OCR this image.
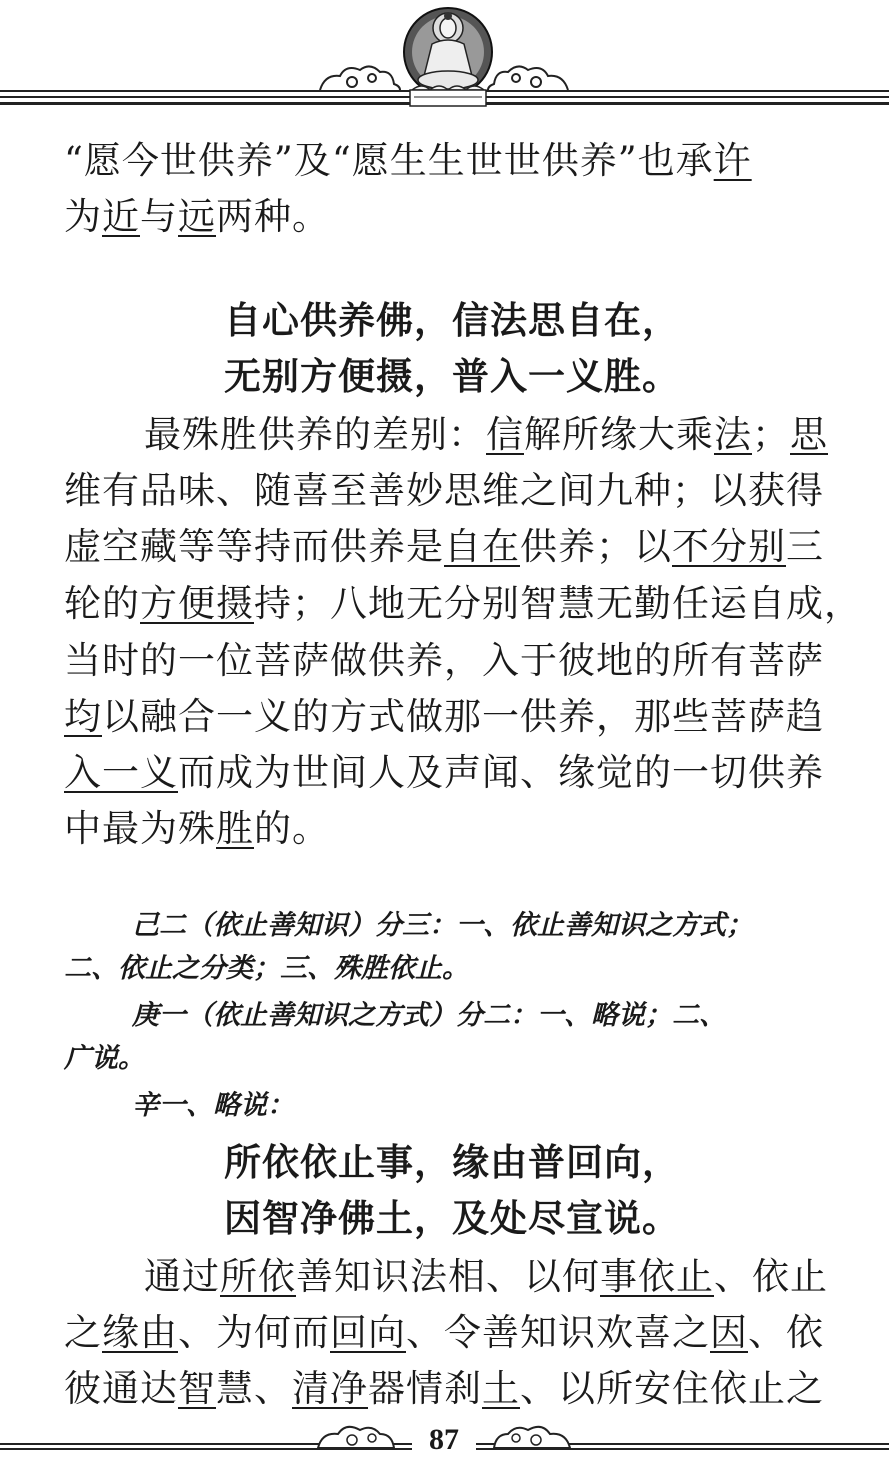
“愿今世供养”及“愿生生世世供养”也承许
为近与远两种。
自心供养佛，信法思自在，
无别方便摄，普入一义胜。
最殊胜供养的差别：信解所缘大乘法；思
维有品味、随喜至善妙思维之间九种；以获得
虚空藏等等持而供养是自在供养；以不分别三
轮的方便摄持；八地无分别智慧无勤任运自成，
当时的一位菩萨做供养，入于彼地的所有菩萨
均以融合一义的方式做那一供养，那些菩萨趋
入一义而成为世间人及声闻、缘觉的一切供养
中最为殊胜的。
己二（依止善知识）分三：一、依止善知识之方式；
二、依止之分类；三、殊胜依止。
庚一（依止善知识之方式）分二：一、略说；二、
广说。
辛一、略说：
所依依止事，缘由普回向，
因智净佛土，及处尽宣说。
通过所依善知识法相、以何事依止、依止
之缘由、为何而回向、令善知识欢喜之因、依
彼通达智慧、清净器情刹土、以所安住依止之
87
